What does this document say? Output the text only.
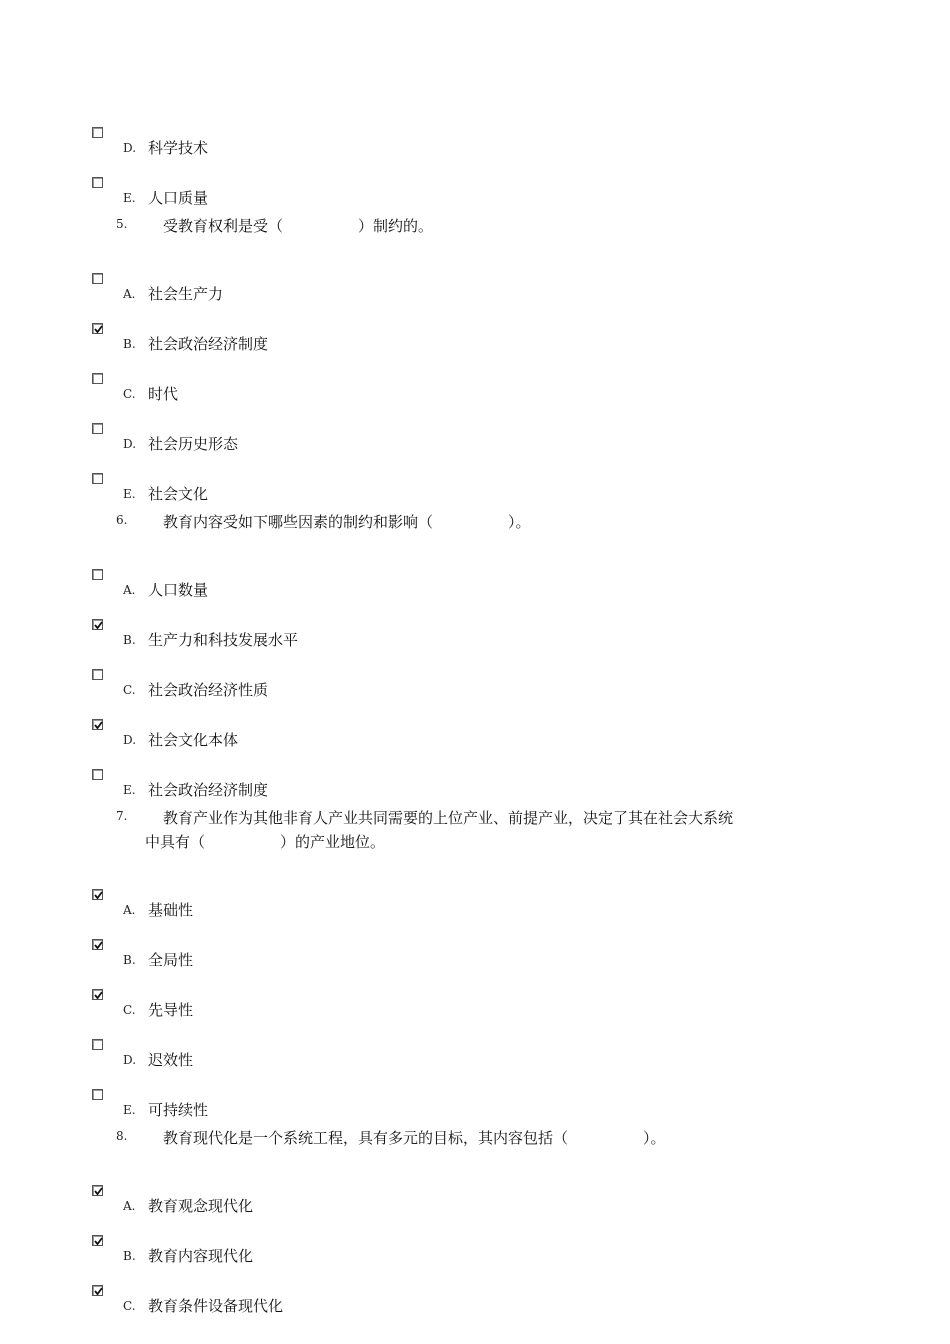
D. 科学技术
E. 人口质量
5. 受教育权利是受（　　　　　）制约的。
A. 社会生产力
B. 社会政治经济制度
C. 时代
D. 社会历史形态
E. 社会文化
6. 教育内容受如下哪些因素的制约和影响（　　　　　）。
A. 人口数量
B. 生产力和科技发展水平
C. 社会政治经济性质
D. 社会文化本体
E. 社会政治经济制度
7. 教育产业作为其他非育人产业共同需要的上位产业、前提产业，决定了其在社会大系统
中具有（　　　　　）的产业地位。
A. 基础性
B. 全局性
C. 先导性
D. 迟效性
E. 可持续性
8. 教育现代化是一个系统工程，具有多元的目标，其内容包括（　　　　　）。
A. 教育观念现代化
B. 教育内容现代化
C. 教育条件设备现代化
